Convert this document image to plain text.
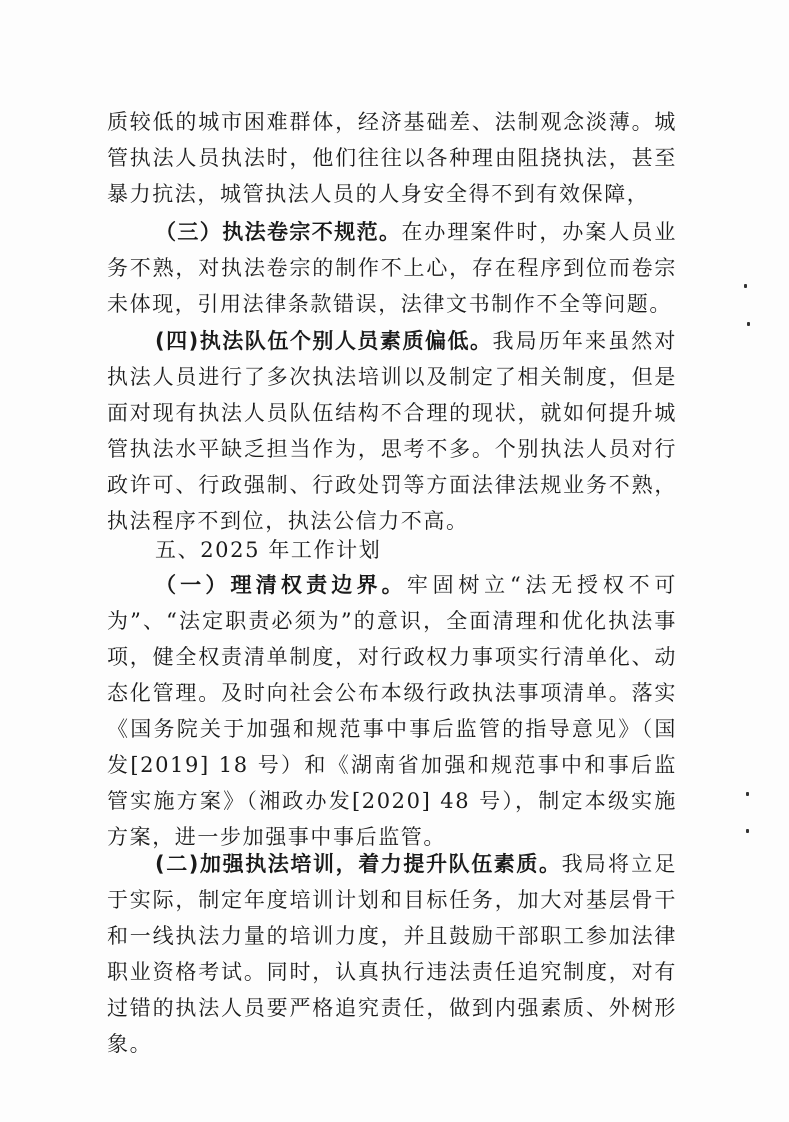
质较低的城市困难群体，经济基础差、法制观念淡薄。城管执法人员执法时，他们往往以各种理由阻挠执法，甚至暴力抗法，城管执法人员的人身安全得不到有效保障，

（三）执法卷宗不规范。在办理案件时，办案人员业务不熟，对执法卷宗的制作不上心，存在程序到位而卷宗未体现，引用法律条款错误，法律文书制作不全等问题。

(四)执法队伍个别人员素质偏低。我局历年来虽然对执法人员进行了多次执法培训以及制定了相关制度，但是面对现有执法人员队伍结构不合理的现状，就如何提升城管执法水平缺乏担当作为，思考不多。个别执法人员对行政许可、行政强制、行政处罚等方面法律法规业务不熟，执法程序不到位，执法公信力不高。

五、2025 年工作计划

（一）理清权责边界。牢固树立“法无授权不可为”、“法定职责必须为”的意识，全面清理和优化执法事项，健全权责清单制度，对行政权力事项实行清单化、动态化管理。及时向社会公布本级行政执法事项清单。落实《国务院关于加强和规范事中事后监管的指导意见》（国发[2019] 18 号）和《湖南省加强和规范事中和事后监管实施方案》（湘政办发[2020] 48 号），制定本级实施方案，进一步加强事中事后监管。

(二)加强执法培训，着力提升队伍素质。我局将立足于实际，制定年度培训计划和目标任务，加大对基层骨干和一线执法力量的培训力度，并且鼓励干部职工参加法律职业资格考试。同时，认真执行违法责任追究制度，对有过错的执法人员要严格追究责任，做到内强素质、外树形象。
